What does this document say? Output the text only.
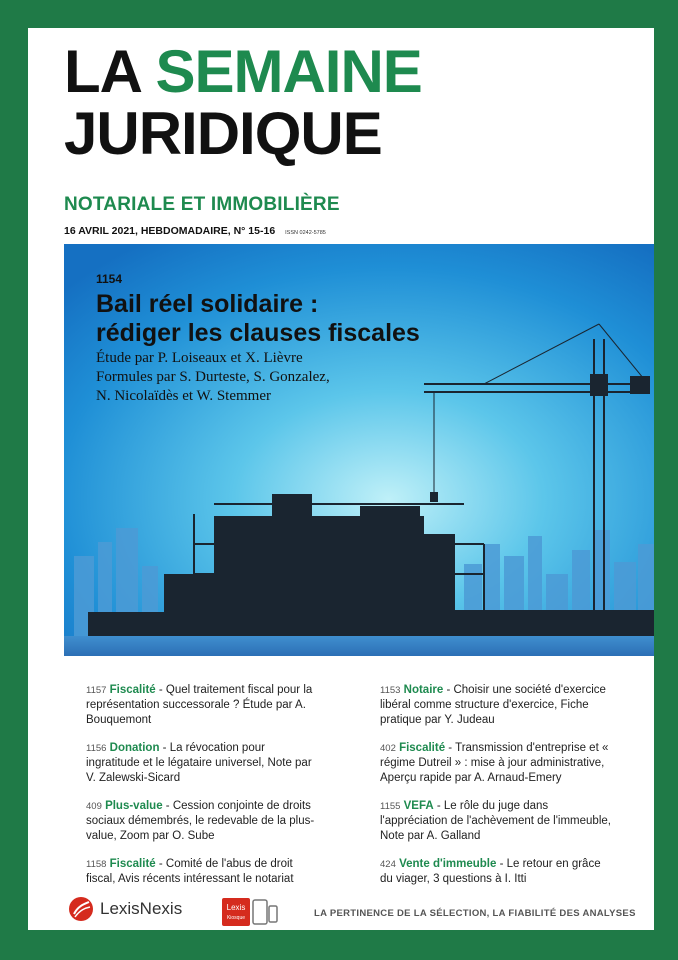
LA SEMAINE
JURIDIQUE
NOTARIALE ET IMMOBILIÈRE
16 AVRIL 2021, HEBDOMADAIRE, N° 15-16 ISSN 0242-5785
1154
Bail réel solidaire :
rédiger les clauses fiscales
Étude par P. Loiseaux et X. Lièvre
Formules par S. Durteste, S. Gonzalez,
N. Nicolaïdès et W. Stemmer
1157 Fiscalité - Quel traitement fiscal pour la représentation successorale ? Étude par A. Bouquemont
1156 Donation - La révocation pour ingratitude et le légataire universel, Note par V. Zalewski-Sicard
409 Plus-value - Cession conjointe de droits sociaux démembrés, le redevable de la plus-value, Zoom par O. Sube
1158 Fiscalité - Comité de l'abus de droit fiscal, Avis récents intéressant le notariat
1153 Notaire - Choisir une société d'exercice libéral comme structure d'exercice, Fiche pratique par Y. Judeau
402 Fiscalité - Transmission d'entreprise et « régime Dutreil » : mise à jour administrative, Aperçu rapide par A. Arnaud-Emery
1155 VEFA - Le rôle du juge dans l'appréciation de l'achèvement de l'immeuble, Note par A. Galland
424 Vente d'immeuble - Le retour en grâce du viager, 3 questions à I. Itti
LexisNexis	Lexis
Kiosque	LA PERTINENCE DE LA SÉLECTION, LA FIABILITÉ DES ANALYSES
